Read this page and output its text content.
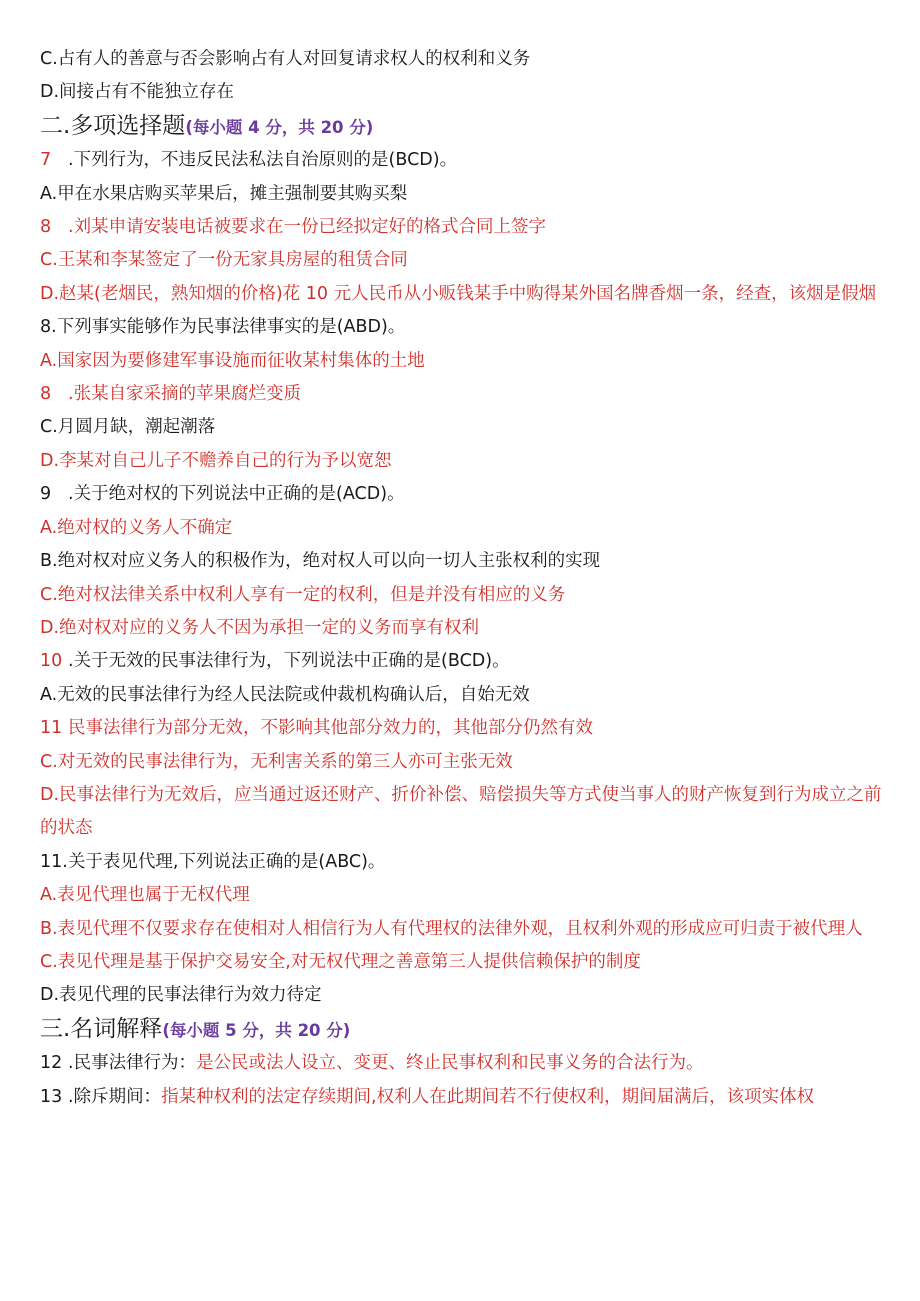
C.占有人的善意与否会影响占有人对回复请求权人的权利和义务
D.间接占有不能独立存在
二.多项选择题(每小题 4 分，共 20 分)
7 .下列行为，不违反民法私法自治原则的是(BCD)。
A.甲在水果店购买苹果后，摊主强制要其购买梨
8 .刘某申请安装电话被要求在一份已经拟定好的格式合同上签字
C.王某和李某签定了一份无家具房屋的租赁合同
D.赵某(老烟民，熟知烟的价格)花 10 元人民币从小贩钱某手中购得某外国名牌香烟一条，经查，该烟是假烟
8.下列事实能够作为民事法律事实的是(ABD)。
A.国家因为要修建军事设施而征收某村集体的土地
8 .张某自家采摘的苹果腐烂变质
C.月圆月缺，潮起潮落
D.李某对自己儿子不赡养自己的行为予以宽恕
9 .关于绝对权的下列说法中正确的是(ACD)。
A.绝对权的义务人不确定
B.绝对权对应义务人的积极作为，绝对权人可以向一切人主张权利的实现
C.绝对权法律关系中权利人享有一定的权利，但是并没有相应的义务
D.绝对权对应的义务人不因为承担一定的义务而享有权利
10 .关于无效的民事法律行为，下列说法中正确的是(BCD)。
A.无效的民事法律行为经人民法院或仲裁机构确认后，自始无效
11 民事法律行为部分无效，不影响其他部分效力的，其他部分仍然有效
C.对无效的民事法律行为，无利害关系的第三人亦可主张无效
D.民事法律行为无效后，应当通过返还财产、折价补偿、赔偿损失等方式使当事人的财产恢复到行为成立之前的状态
11.关于表见代理,下列说法正确的是(ABC)。
A.表见代理也属于无权代理
B.表见代理不仅要求存在使相对人相信行为人有代理权的法律外观，且权利外观的形成应可归责于被代理人
C.表见代理是基于保护交易安全,对无权代理之善意第三人提供信赖保护的制度
D.表见代理的民事法律行为效力待定
三.名词解释(每小题 5 分，共 20 分)
12 .民事法律行为：是公民或法人设立、变更、终止民事权利和民事义务的合法行为。
13 .除斥期间：指某种权利的法定存续期间,权利人在此期间若不行使权利，期间届满后，该项实体权
